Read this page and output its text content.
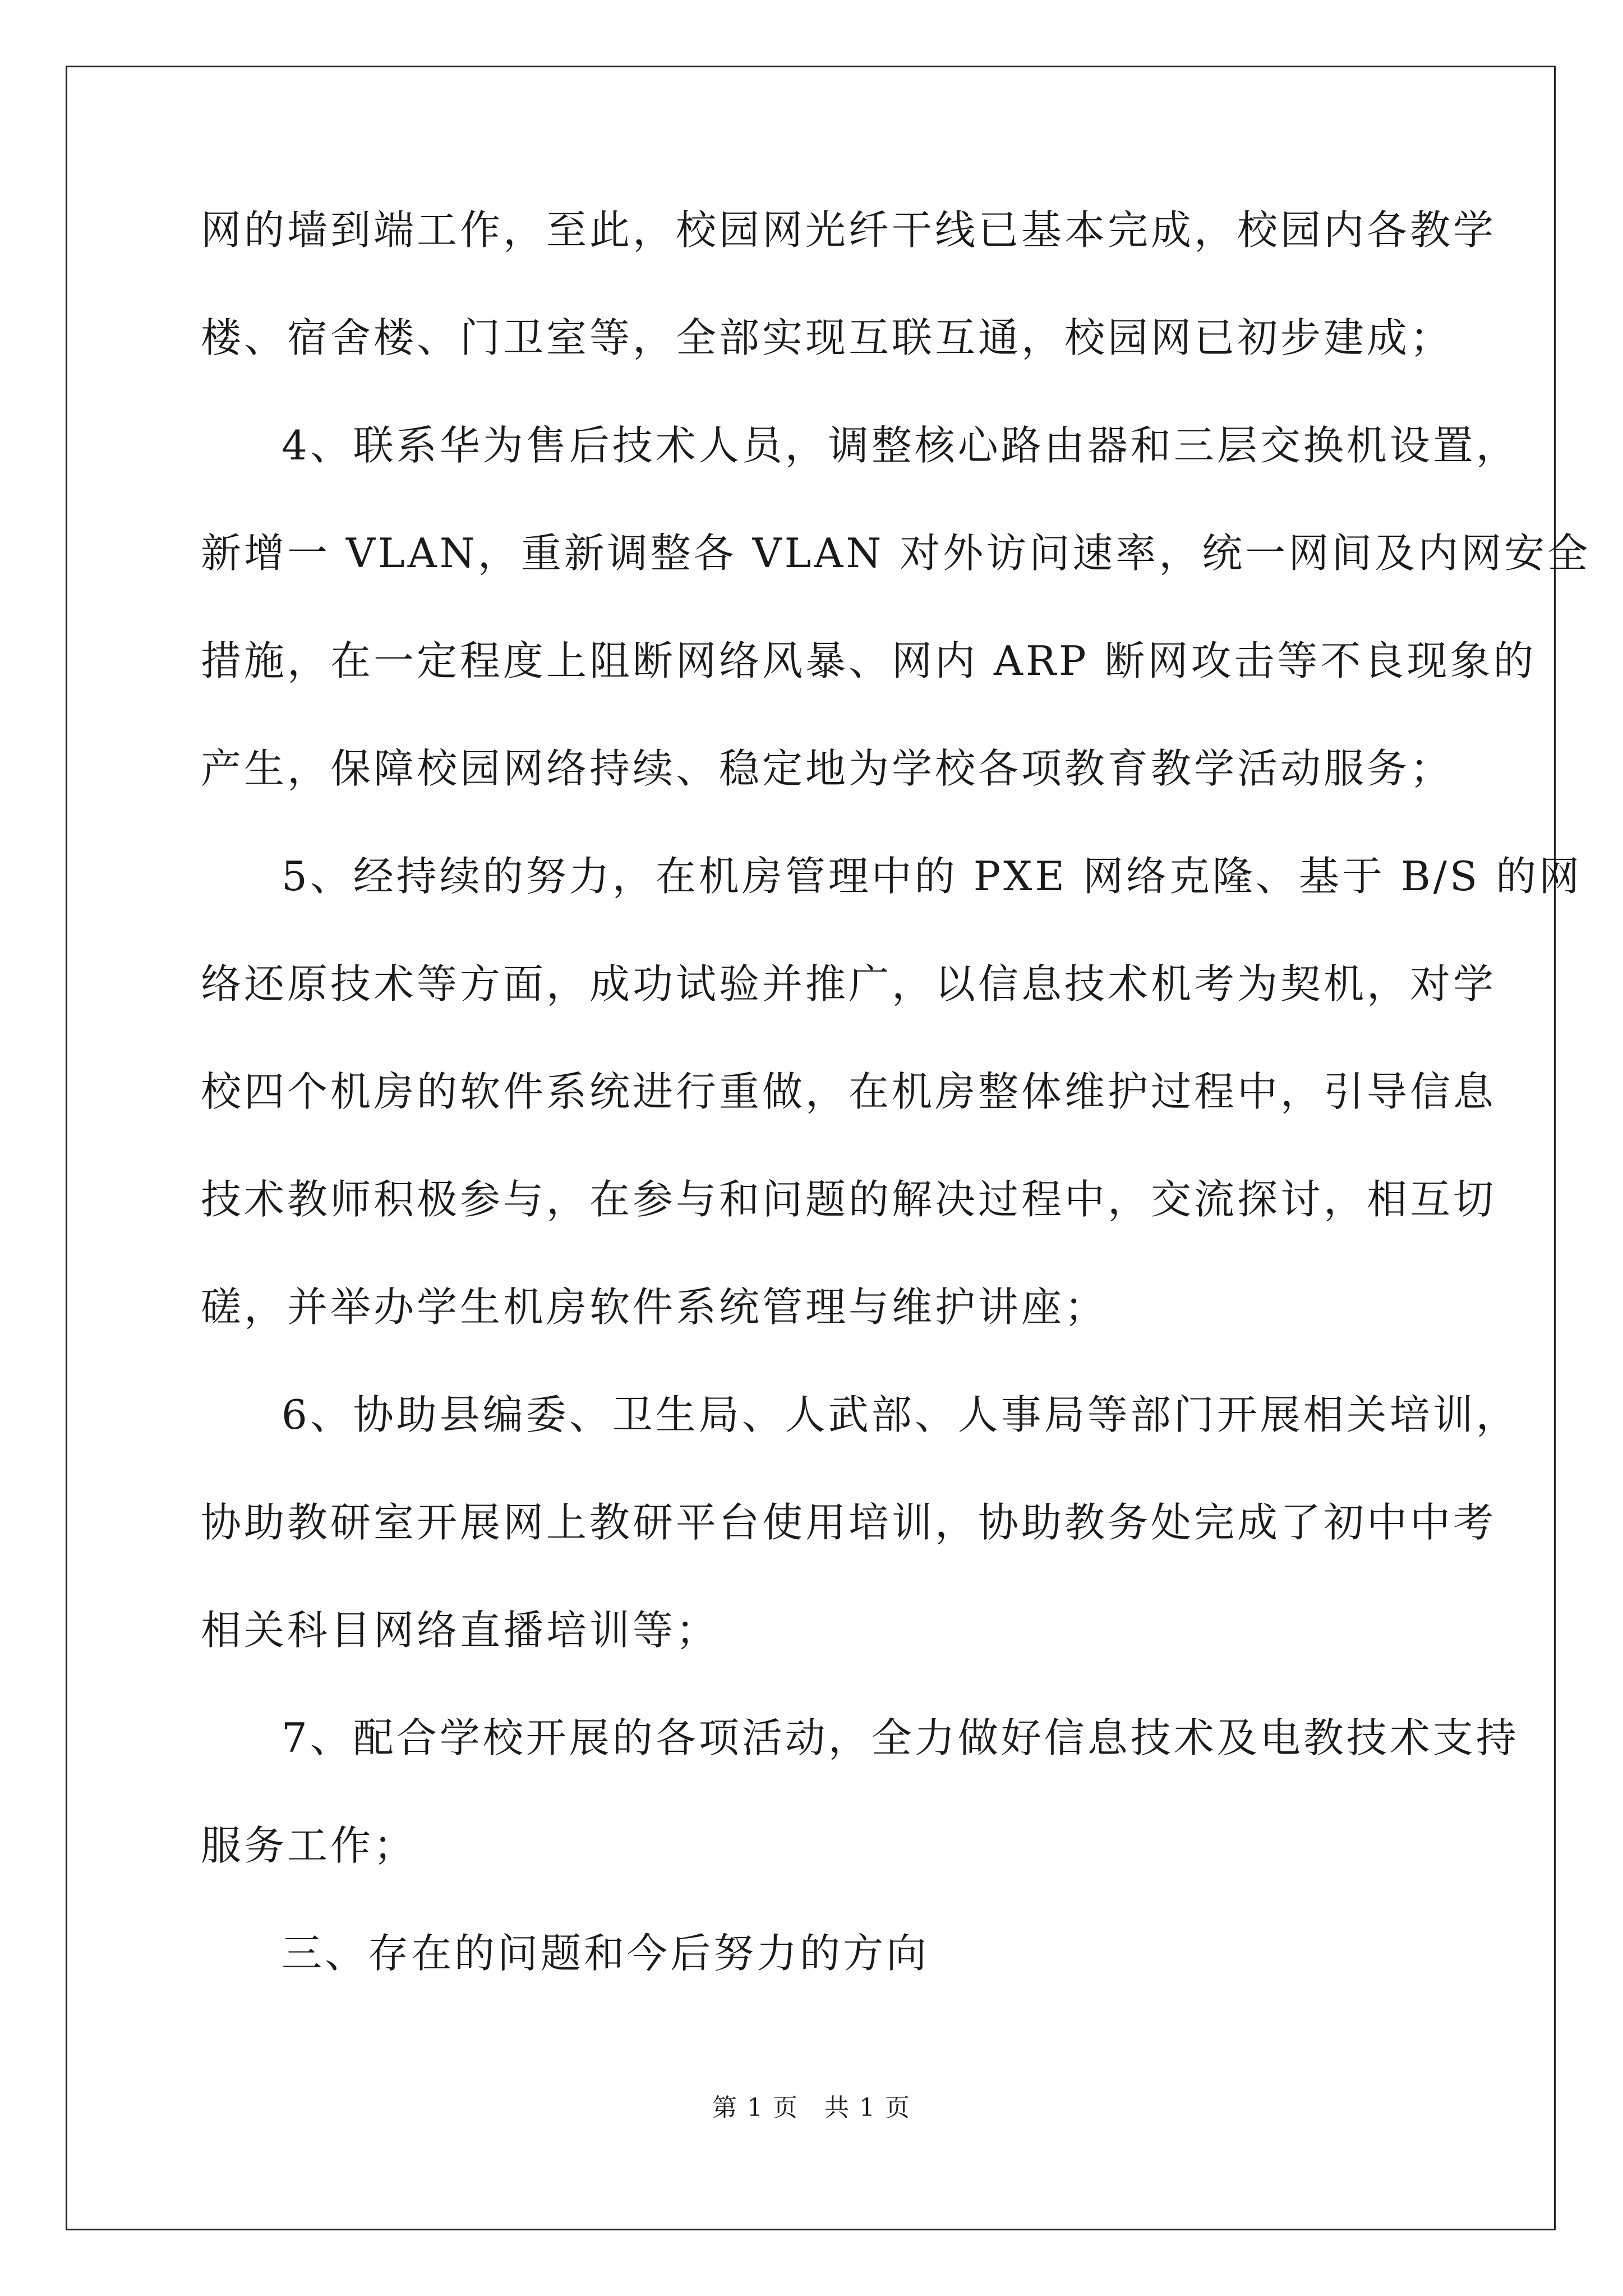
网的墙到端工作，至此，校园网光纤干线已基本完成，校园内各教学
楼、宿舍楼、门卫室等，全部实现互联互通，校园网已初步建成；
4、联系华为售后技术人员，调整核心路由器和三层交换机设置，
新增一 VLAN，重新调整各 VLAN 对外访问速率，统一网间及内网安全
措施，在一定程度上阻断网络风暴、网内 ARP 断网攻击等不良现象的
产生，保障校园网络持续、稳定地为学校各项教育教学活动服务；
5、经持续的努力，在机房管理中的 PXE 网络克隆、基于 B/S 的网
络还原技术等方面，成功试验并推广，以信息技术机考为契机，对学
校四个机房的软件系统进行重做，在机房整体维护过程中，引导信息
技术教师积极参与，在参与和问题的解决过程中，交流探讨，相互切
磋，并举办学生机房软件系统管理与维护讲座；
6、协助县编委、卫生局、人武部、人事局等部门开展相关培训，
协助教研室开展网上教研平台使用培训，协助教务处完成了初中中考
相关科目网络直播培训等；
7、配合学校开展的各项活动，全力做好信息技术及电教技术支持
服务工作；
三、存在的问题和今后努力的方向
第 1 页　共 1 页
